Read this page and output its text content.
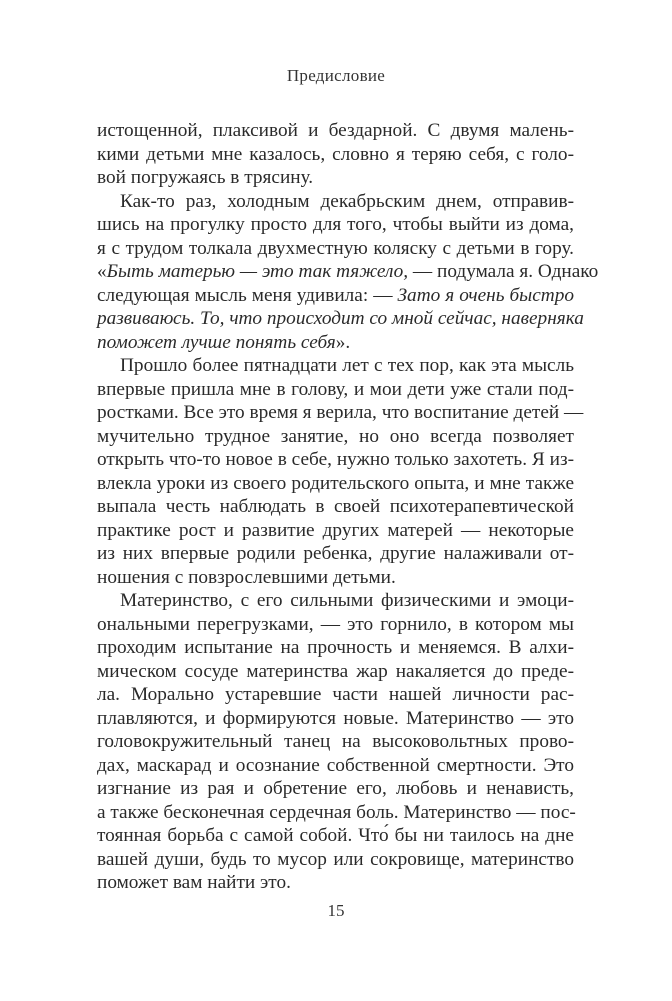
Предисловие
истощенной, плаксивой и бездарной. С двумя малень-
кими детьми мне казалось, словно я теряю себя, с голо-
вой погружаясь в трясину.
Как-то раз, холодным декабрьским днем, отправив-
шись на прогулку просто для того, чтобы выйти из дома,
я с трудом толкала двухместную коляску с детьми в гору.
«Быть матерью — это так тяжело, — подумала я. Однако
следующая мысль меня удивила: — Зато я очень быстро
развиваюсь. То, что происходит со мной сейчас, наверняка
поможет лучше понять себя».
Прошло более пятнадцати лет с тех пор, как эта мысль
впервые пришла мне в голову, и мои дети уже стали под-
ростками. Все это время я верила, что воспитание детей —
мучительно трудное занятие, но оно всегда позволяет
открыть что-то новое в себе, нужно только захотеть. Я из-
влекла уроки из своего родительского опыта, и мне также
выпала честь наблюдать в своей психотерапевтической
практике рост и развитие других матерей — некоторые
из них впервые родили ребенка, другие налаживали от-
ношения с повзрослевшими детьми.
Материнство, с его сильными физическими и эмоци-
ональными перегрузками, — это горнило, в котором мы
проходим испытание на прочность и меняемся. В алхи-
мическом сосуде материнства жар накаляется до преде-
ла. Морально устаревшие части нашей личности рас-
плавляются, и формируются новые. Материнство — это
головокружительный танец на высоковольтных прово-
дах, маскарад и осознание собственной смертности. Это
изгнание из рая и обретение его, любовь и ненависть,
а также бесконечная сердечная боль. Материнство — пос-
тоянная борьба с самой собой. Что́ бы ни таилось на дне
вашей души, будь то мусор или сокровище, материнство
поможет вам найти это.
15
